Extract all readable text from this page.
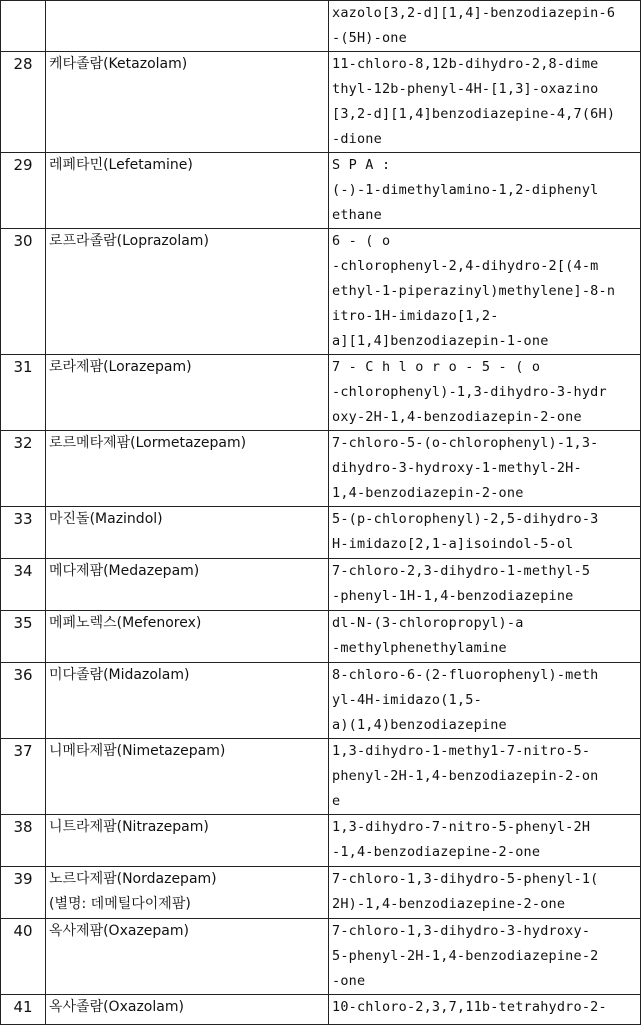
		xazolo[3,2-d][1,4]-benzodiazepin-6
-(5H)-one

28	케타졸람(Ketazolam)	11-chloro-8,12b-dihydro-2,8-dime
thyl-12b-phenyl-4H-[1,3]-oxazino
[3,2-d][1,4]benzodiazepine-4,7(6H)
-dione

29	레페타민(Lefetamine)	S P A :
(-)-1-dimethylamino-1,2-diphenyl
ethane

30	로프라졸람(Loprazolam)	6 - ( o
-chlorophenyl-2,4-dihydro-2[(4-m
ethyl-1-piperazinyl)methylene]-8-n
itro-1H-imidazo[1,2-
a][1,4]benzodiazepin-1-one

31	로라제팜(Lorazepam)	7 - C h l o r o - 5 - ( o
-chlorophenyl)-1,3-dihydro-3-hydr
oxy-2H-1,4-benzodiazepin-2-one

32	로르메타제팜(Lormetazepam)	7-chloro-5-(o-chlorophenyl)-1,3-
dihydro-3-hydroxy-1-methyl-2H-
1,4-benzodiazepin-2-one

33	마진돌(Mazindol)	5-(p-chlorophenyl)-2,5-dihydro-3
H-imidazo[2,1-a]isoindol-5-ol

34	메다제팜(Medazepam)	7-chloro-2,3-dihydro-1-methyl-5
-phenyl-1H-1,4-benzodiazepine

35	메페노렉스(Mefenorex)	dl-N-(3-chloropropyl)-a
-methylphenethylamine

36	미다졸람(Midazolam)	8-chloro-6-(2-fluorophenyl)-meth
yl-4H-imidazo(1,5-
a)(1,4)benzodiazepine

37	니메타제팜(Nimetazepam)	1,3-dihydro-1-methy1-7-nitro-5-
phenyl-2H-1,4-benzodiazepin-2-on
e

38	니트라제팜(Nitrazepam)	1,3-dihydro-7-nitro-5-phenyl-2H
-1,4-benzodiazepine-2-one

39	노르다제팜(Nordazepam)
(별명: 데메틸다이제팜)	7-chloro-1,3-dihydro-5-phenyl-1(
2H)-1,4-benzodiazepine-2-one

40	옥사제팜(Oxazepam)	7-chloro-1,3-dihydro-3-hydroxy-
5-phenyl-2H-1,4-benzodiazepine-2
-one

41	옥사졸람(Oxazolam)	10-chloro-2,3,7,11b-tetrahydro-2-
